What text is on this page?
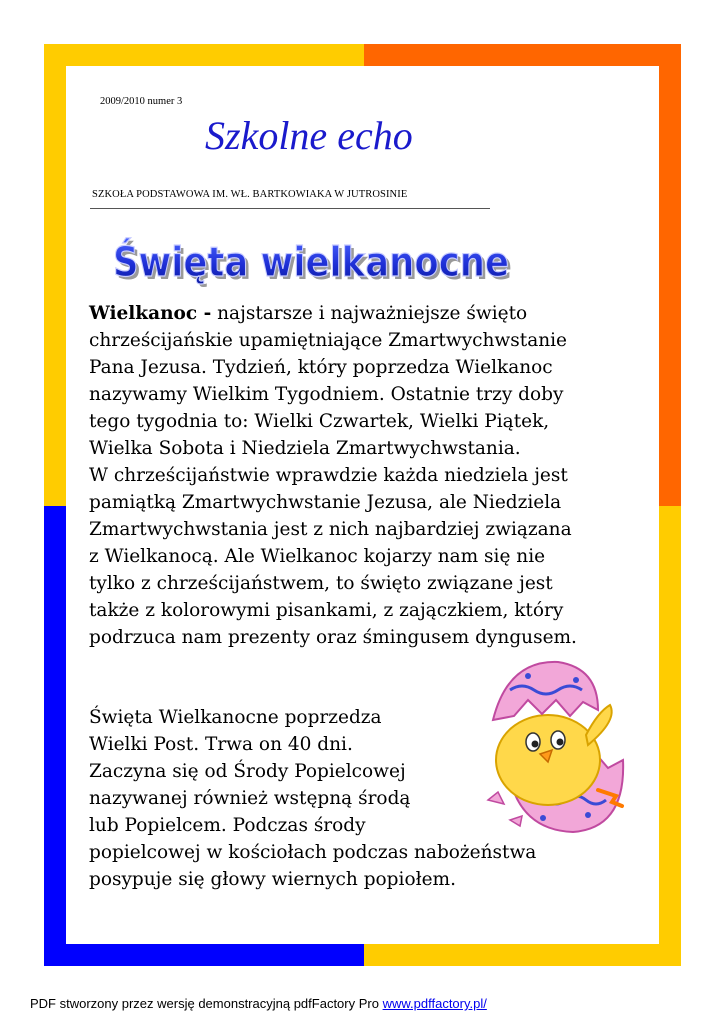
2009/2010 numer 3
Szkolne echo
SZKOŁA PODSTAWOWA IM. WŁ. BARTKOWIAKA W JUTROSINIE
Święta wielkanocne
Święta wielkanocne

Wielkanoc - najstarsze i najważniejsze święto
chrześcijańskie upamiętniające Zmartwychwstanie
Pana Jezusa. Tydzień, który poprzedza Wielkanoc
nazywamy Wielkim Tygodniem. Ostatnie trzy doby
tego tygodnia to: Wielki Czwartek, Wielki Piątek,
Wielka Sobota i Niedziela Zmartwychwstania.
W chrześcijaństwie wprawdzie każda niedziela jest
pamiątką Zmartwychwstanie Jezusa, ale Niedziela
Zmartwychwstania jest z nich najbardziej związana
z Wielkanocą. Ale Wielkanoc kojarzy nam się nie
tylko z chrześcijaństwem, to święto związane jest
także z kolorowymi pisankami, z zajączkiem, który
podrzuca nam prezenty oraz śmingusem dyngusem.

Święta Wielkanocne poprzedza
Wielki Post. Trwa on 40 dni.
Zaczyna się od Środy Popielcowej
nazywanej również wstępną środą
lub Popielcem. Podczas środy
popielcowej w kościołach podczas nabożeństwa
posypuje się głowy wiernych popiołem.

PDF stworzony przez wersję demonstracyjną pdfFactory Pro www.pdffactory.pl/
